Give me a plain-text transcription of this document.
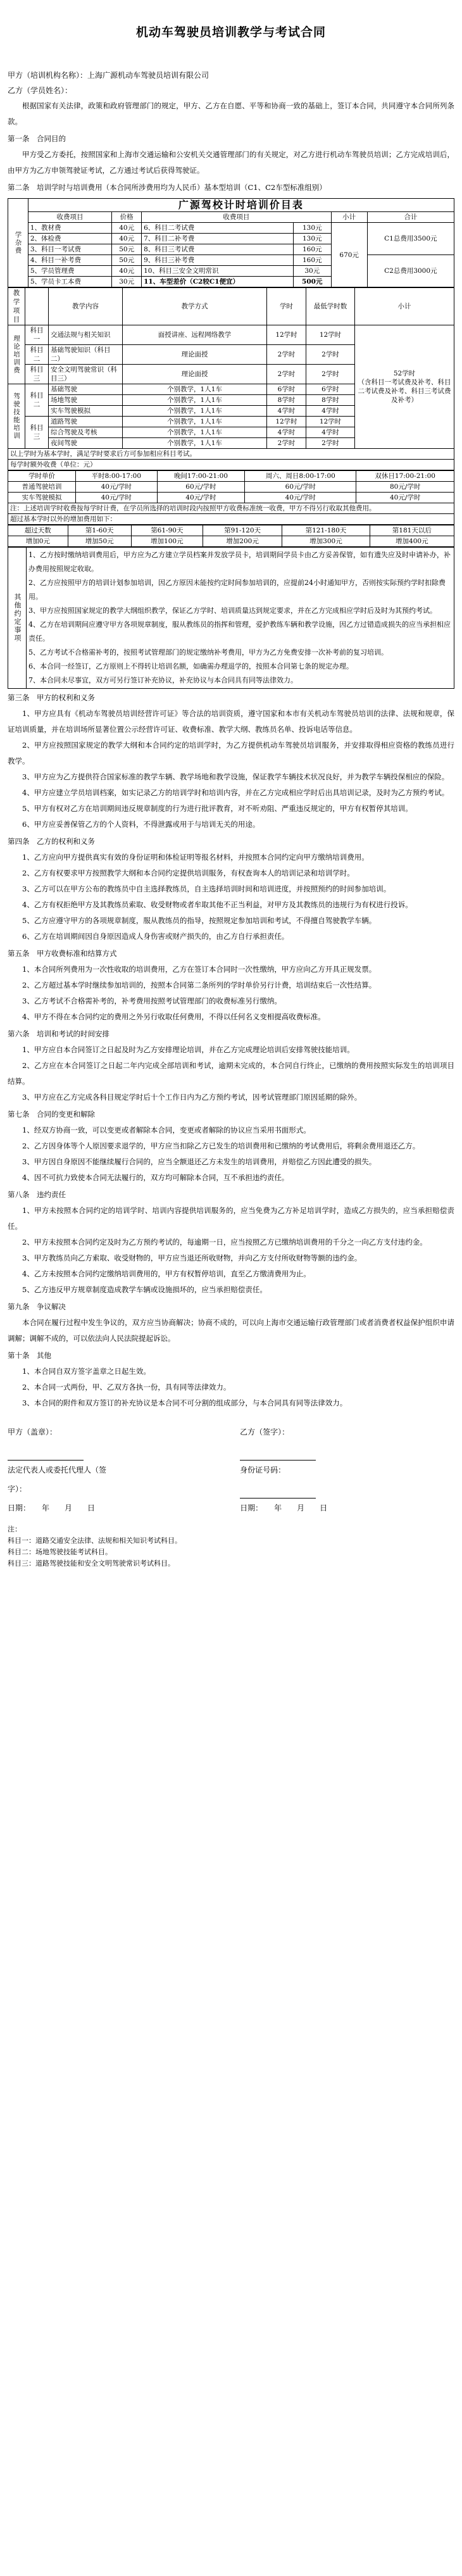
机动车驾驶员培训教学与考试合同
甲方（培训机构名称）：上海广源机动车驾驶员培训有限公司
乙方（学员姓名）：

根据国家有关法律，政策和政府管理部门的规定，甲方、乙方在自愿、平等和协商一致的基础上，签订本合同，共同遵守本合同所列条款。

第一条　合同目的

甲方受乙方委托，按照国家和上海市交通运输和公安机关交通管理部门的有关规定，对乙方进行机动车驾驶员培训；乙方完成培训后，由甲方为乙方申领驾驶证考试，乙方通过考试后获得驾驶证。

第二条　培训学时与培训费用（本合同所涉费用均为人民币）基本型培训（C1、C2车型标准组别）

学杂费	广源驾校计时培训价目表					
	收费项目	价格	收费项目		小计	合计
	1、教材费	40元	6、科目二考试费	130元	670元	C1总费用3500元
	2、体检费	40元	7、科目二补考费	130元		
	3、科目一考试费	50元	8、科目三考试费	160元		
	4、科目一补考费	50元	9、科目三补考费	160元		C2总费用3000元
	5、学员管理费	40元	10、科目三安全文明常识	30元		
	5、学员卡工本费	30元	11、车型差价（C2较C1便宜）	500元		
教学项目		教学内容	教学方式	学时	最低学时数	小计
理论培训费	科目一	交通法规与相关知识	面授讲座、远程网络教学	12学时	12学时	52学时
（含科目一考试费及补考、科目二考试费及补考、科目三考试费及补考）
	科目二	基础驾驶知识（科目二）	理论面授	2学时	2学时	
	科目三	安全文明驾驶常识（科目三）	理论面授	2学时	2学时	
驾驶技能培训	科目二	基础驾驶	个别教学，1人1车	6学时	6学时	
		场地驾驶	个别教学，1人1车	8学时	8学时	
		实车驾驶模拟	个别教学，1人1车	4学时	4学时	
	科目三	道路驾驶	个别教学，1人1车	12学时	12学时	
		综合驾驶及考核	个别教学，1人1车	4学时	4学时	
		夜间驾驶	个别教学，1人1车	2学时	2学时	
以上学时为基本学时，满足学时要求后方可参加相应科目考试。						
每学时额外收费（单位：元）						
学时单价	平时8:00-17:00	晚间17:00-21:00	周六、周日8:00-17:00	双休日17:00-21:00
普通驾驶培训	40元/学时	60元/学时	60元/学时	80元/学时
实车驾驶模拟	40元/学时	40元/学时	40元/学时	40元/学时
注：上述培训学时收费按每学时计费，在学员所选择的培训时段内按照甲方收费标准统一收费，甲方不得另行收取其他费用。				
超过基本学时以外的增加费用如下：				
超过天数	第1-60天	第61-90天	第91-120天	第121-180天	第181天以后
增加0元	增加50元	增加100元	增加200元	增加300元	增加400元
其他约定事项	
1、乙方按时缴纳培训费用后，甲方应为乙方建立学员档案并发放学员卡，培训期间学员卡由乙方妥善保管，如有遗失应及时申请补办，补办费用按照规定收取。
2、乙方应按照甲方的培训计划参加培训，因乙方原因未能按约定时间参加培训的，应提前24小时通知甲方，否则按实际预约学时扣除费用。
3、甲方应按照国家规定的教学大纲组织教学，保证乙方学时、培训质量达到规定要求，并在乙方完成相应学时后及时为其预约考试。
4、乙方在培训期间应遵守甲方各项规章制度，服从教练员的指挥和管理，爱护教练车辆和教学设施，因乙方过错造成损失的应当承担相应责任。
5、乙方考试不合格需补考的，按照考试管理部门的规定缴纳补考费用，甲方为乙方免费安排一次补考前的复习培训。
6、本合同一经签订，乙方原则上不得转让培训名额，如确需办理退学的，按照本合同第七条的规定办理。
7、本合同未尽事宜，双方可另行签订补充协议，补充协议与本合同具有同等法律效力。

第三条　甲方的权利和义务

1、甲方应具有《机动车驾驶员培训经营许可证》等合法的培训资质，遵守国家和本市有关机动车驾驶员培训的法律、法规和规章，保证培训质量，并在培训场所显著位置公示经营许可证、收费标准、教学大纲、教练员名单、投诉电话等信息。

2、甲方应按照国家规定的教学大纲和本合同约定的培训学时，为乙方提供机动车驾驶员培训服务，并安排取得相应资格的教练员进行教学。

3、甲方应为乙方提供符合国家标准的教学车辆、教学场地和教学设施，保证教学车辆技术状况良好，并为教学车辆投保相应的保险。

4、甲方应建立学员培训档案，如实记录乙方的培训学时和培训内容，并在乙方完成相应学时后出具培训记录，及时为乙方预约考试。

5、甲方有权对乙方在培训期间违反规章制度的行为进行批评教育，对不听劝阻、严重违反规定的，甲方有权暂停其培训。

6、甲方应妥善保管乙方的个人资料，不得泄露或用于与培训无关的用途。

第四条　乙方的权利和义务

1、乙方应向甲方提供真实有效的身份证明和体检证明等报名材料，并按照本合同约定向甲方缴纳培训费用。

2、乙方有权要求甲方按照教学大纲和本合同约定提供培训服务，有权查询本人的培训记录和培训学时。

3、乙方可以在甲方公布的教练员中自主选择教练员，自主选择培训时间和培训进度，并按照预约的时间参加培训。

4、乙方有权拒绝甲方及其教练员索取、收受财物或者牟取其他不正当利益，对甲方及其教练员的违规行为有权进行投诉。

5、乙方应遵守甲方的各项规章制度，服从教练员的指导，按照规定参加培训和考试，不得擅自驾驶教学车辆。

6、乙方在培训期间因自身原因造成人身伤害或财产损失的，由乙方自行承担责任。

第五条　甲方收费标准和结算方式

1、本合同所列费用为一次性收取的培训费用，乙方在签订本合同时一次性缴纳，甲方应向乙方开具正规发票。

2、乙方超过基本学时继续参加培训的，按照本合同第二条所列的学时单价另行计费，培训结束后一次性结算。

3、乙方考试不合格需补考的，补考费用按照考试管理部门的收费标准另行缴纳。

4、甲方不得在本合同约定的费用之外另行收取任何费用，不得以任何名义变相提高收费标准。

第六条　培训和考试的时间安排

1、甲方应自本合同签订之日起及时为乙方安排理论培训，并在乙方完成理论培训后安排驾驶技能培训。

2、乙方应在本合同签订之日起二年内完成全部培训和考试，逾期未完成的，本合同自行终止，已缴纳的费用按照实际发生的培训项目结算。

3、甲方应在乙方完成各科目规定学时后十个工作日内为乙方预约考试，因考试管理部门原因延期的除外。

第七条　合同的变更和解除

1、经双方协商一致，可以变更或者解除本合同，变更或者解除的协议应当采用书面形式。

2、乙方因身体等个人原因要求退学的，甲方应当扣除乙方已发生的培训费用和已缴纳的考试费用后，将剩余费用退还乙方。

3、甲方因自身原因不能继续履行合同的，应当全额退还乙方未发生的培训费用，并赔偿乙方因此遭受的损失。

4、因不可抗力致使本合同无法履行的，双方均可解除本合同，互不承担违约责任。

第八条　违约责任

1、甲方未按照本合同约定的培训学时、培训内容提供培训服务的，应当免费为乙方补足培训学时，造成乙方损失的，应当承担赔偿责任。

2、甲方未按照本合同约定及时为乙方预约考试的，每逾期一日，应当按照乙方已缴纳培训费用的千分之一向乙方支付违约金。

3、甲方教练员向乙方索取、收受财物的，甲方应当退还所收财物，并向乙方支付所收财物等额的违约金。

4、乙方未按照本合同约定缴纳培训费用的，甲方有权暂停培训，直至乙方缴清费用为止。

5、乙方违反甲方规章制度造成教学车辆或设施损坏的，应当承担赔偿责任。

第九条　争议解决

本合同在履行过程中发生争议的，双方应当协商解决；协商不成的，可以向上海市交通运输行政管理部门或者消费者权益保护组织申请调解；调解不成的，可以依法向人民法院提起诉讼。

第十条　其他

1、本合同自双方签字盖章之日起生效。

2、本合同一式两份，甲、乙双方各执一份，具有同等法律效力。

3、本合同的附件和双方签订的补充协议是本合同不可分割的组成部分，与本合同具有同等法律效力。

甲方（盖章）：
法定代表人或委托代理人（签字）：
日期：　　年　　月　　日
乙方（签字）：
身份证号码：
日期：　　年　　月　　日

注：

科目一：道路交通安全法律、法规和相关知识考试科目。

科目二：场地驾驶技能考试科目。

科目三：道路驾驶技能和安全文明驾驶常识考试科目。
